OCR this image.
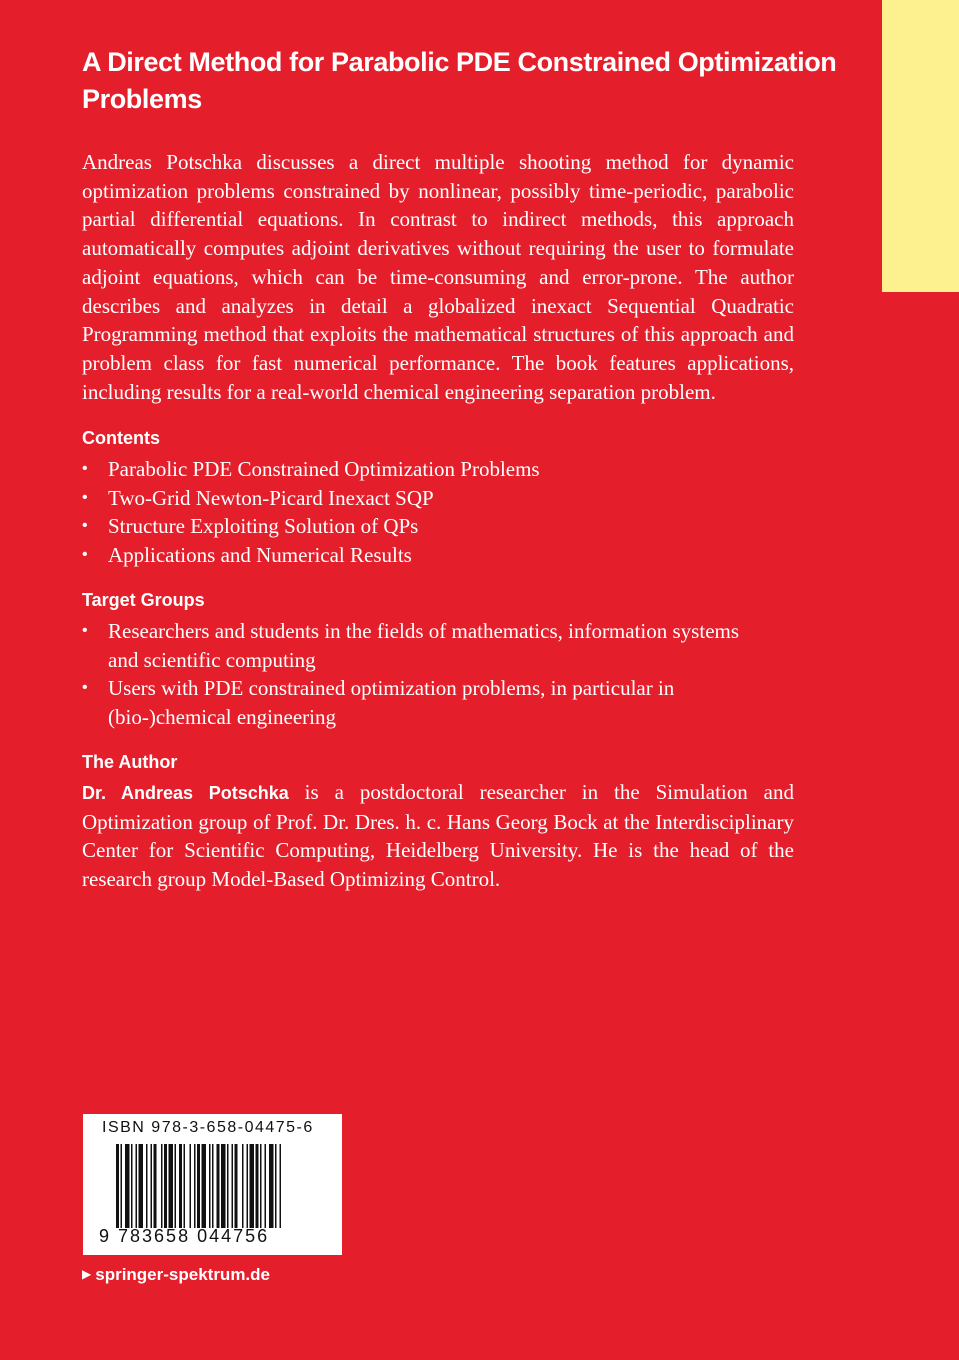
A Direct Method for Parabolic PDE Constrained Optimization Problems

Andreas Potschka discusses a direct multiple shooting method for dynamic optimization problems constrained by nonlinear, possibly time-periodic, parabolic partial differential equations. In contrast to indirect methods, this approach automatically computes adjoint derivatives without requiring the user to formulate adjoint equations, which can be time-consuming and error-prone. The author describes and analyzes in detail a globalized inexact Sequential Quadratic Programming method that exploits the mathematical structures of this approach and problem class for fast numerical performance. The book features applications, including results for a real-world chemical engineering separation problem.

Contents
• Parabolic PDE Constrained Optimization Problems
• Two-Grid Newton-Picard Inexact SQP
• Structure Exploiting Solution of QPs
• Applications and Numerical Results
Target Groups
• Researchers and students in the fields of mathematics, information systems and scientific computing
• Users with PDE constrained optimization problems, in particular in (bio-)chemical engineering
The Author

Dr. Andreas Potschka is a postdoctoral researcher in the Simulation and Optimization group of Prof. Dr. Dres. h. c. Hans Georg Bock at the Interdisciplinary Center for Scientific Computing, Heidelberg University. He is the head of the research group Model-Based Optimizing Control.

ISBN 978-3-658-04475-6

9 783658 044756

▶ springer-spektrum.de
